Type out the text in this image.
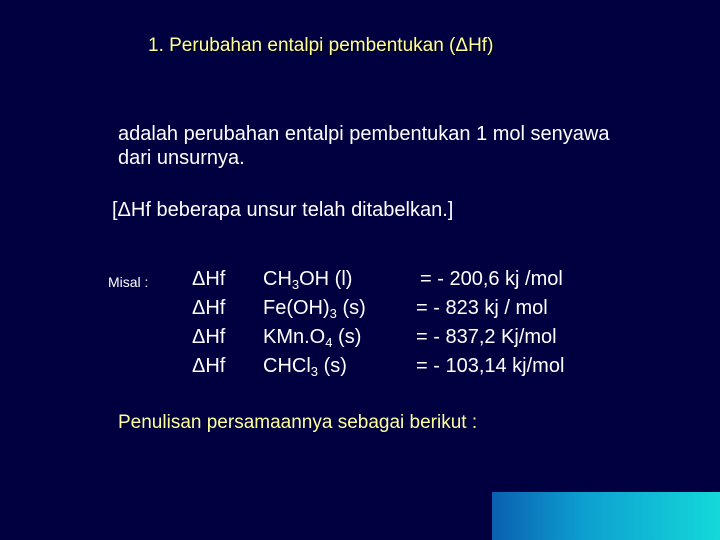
1. Perubahan entalpi pembentukan (ΔHf)
adalah perubahan entalpi pembentukan 1 mol senyawa dari unsurnya.
[ΔHf beberapa unsur telah ditabelkan.]
Misal : ΔHf $CH_3OH$ (l)	= - 200,6 kj /mol
ΔHf $Fe(OH)_3$ (s)	= - 823 kj / mol
ΔHf $KMn.O_4$ (s)	= - 837,2 Kj/mol
ΔHf CHCl$_3$ (s)	= - 103,14 kj/mol
Penulisan persamaannya sebagai berikut :
